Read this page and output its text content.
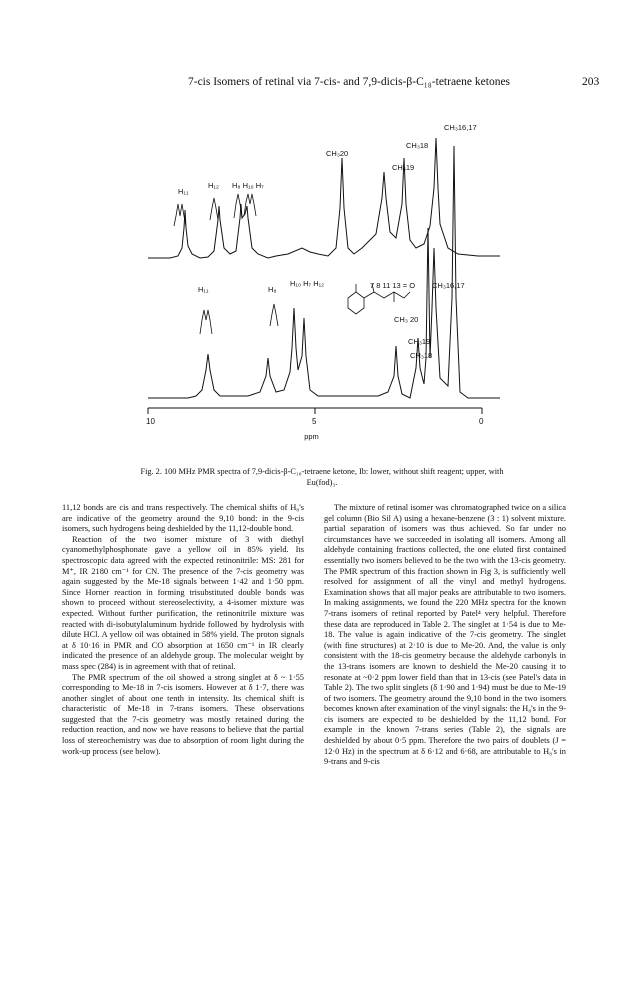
7-cis Isomers of retinal via 7-cis- and 7,9-dicis-β-C₁₈-tetraene ketones	203
H₁₁
H₁₂ H₈ H₁₀ H₇
CH₃20
CH₃19
CH₃18
CH₃16,17
H₁₁	H₈
H₁₀ H₇ H₁₂	7 8 11 13 = O CH₃16,17
CH₃ 20
CH₃19
CH₃18
10	5	0
ppm
Fig. 2. 100 MHz PMR spectra of 7,9-dicis-β-C₁₈-tetraene ketone, Ib: lower, without shift reagent; upper, with
Eu(fod)₃.

11,12 bonds are cis and trans respectively. The chemical shifts of H₈'s are indicative of the geometry around the 9,10 bond: in the 9-cis isomers, such hydrogens being deshielded by the 11,12-double bond.

Reaction of the two isomer mixture of 3 with diethyl cyanomethylphosphonate gave a yellow oil in 85% yield. Its spectroscopic data agreed with the expected retinonitrile: MS: 281 for M⁺, IR 2180 cm⁻¹ for CN. The presence of the 7-cis geometry was again suggested by the Me-18 signals between 1·42 and 1·50 ppm. Since Horner reaction in forming trisubstituted double bonds was shown to proceed without stereoselectivity, a 4-isomer mixture was expected. Without further purification, the retinonitrile mixture was reacted with di-isobutylaluminum hydride followed by hydrolysis with dilute HCl. A yellow oil was obtained in 58% yield. The proton signals at δ 10·16 in PMR and CO absorption at 1650 cm⁻¹ in IR clearly indicated the presence of an aldehyde group. The molecular weight by mass spec (284) is in agreement with that of retinal.

The PMR spectrum of the oil showed a strong singlet at δ ~ 1·55 corresponding to Me-18 in 7-cis isomers. However at δ 1·7, there was another singlet of about one tenth in intensity. Its chemical shift is characteristic of Me-18 in 7-trans isomers. These observations suggested that the 7-cis geometry was mostly retained during the reduction reaction, and now we have reasons to believe that the partial loss of stereochemistry was due to absorption of room light during the work-up process (see below).

The mixture of retinal isomer was chromatographed twice on a silica gel column (Bio Sil A) using a hexane-benzene (3 : 1) solvent mixture. partial separation of isomers was thus achieved. So far under no circumstances have we succeeded in isolating all isomers. Among all aldehyde containing fractions collected, the one eluted first contained essentially two isomers believed to be the two with the 13-cis geometry. The PMR spectrum of this fraction shown in Fig 3, is sufficiently well resolved for assignment of all the vinyl and methyl hydrogens. Examination shows that all major peaks are attributable to two isomers. In making assignments, we found the 220 MHz spectra for the known 7-trans isomers of retinal reported by Patel⁴ very helpful. Therefore these data are reproduced in Table 2. The singlet at 1·54 is due to Me-18. The value is again indicative of the 7-cis geometry. The singlet (with fine structures) at 2·10 is due to Me-20. And, the value is only consistent with the 18-cis geometry because the aldehyde carbonyls in the 13-trans isomers are known to deshield the Me-20 causing it to resonate at ~0·2 ppm lower field than that in 13-cis (see Patel's data in Table 2). The two split singlets (δ 1·90 and 1·94) must be due to Me-19 of two isomers. The geometry around the 9,10 bond in the two isomers becomes known after examination of the vinyl signals: the H₈'s in the 9-cis isomers are expected to be deshielded by the 11,12 bond. For example in the known 7-trans series (Table 2), the signals are deshielded by about 0·5 ppm. Therefore the two pairs of doublets (J = 12·0 Hz) in the spectrum at δ 6·12 and 6·68, are attributable to H₈'s in 9-trans and 9-cis
